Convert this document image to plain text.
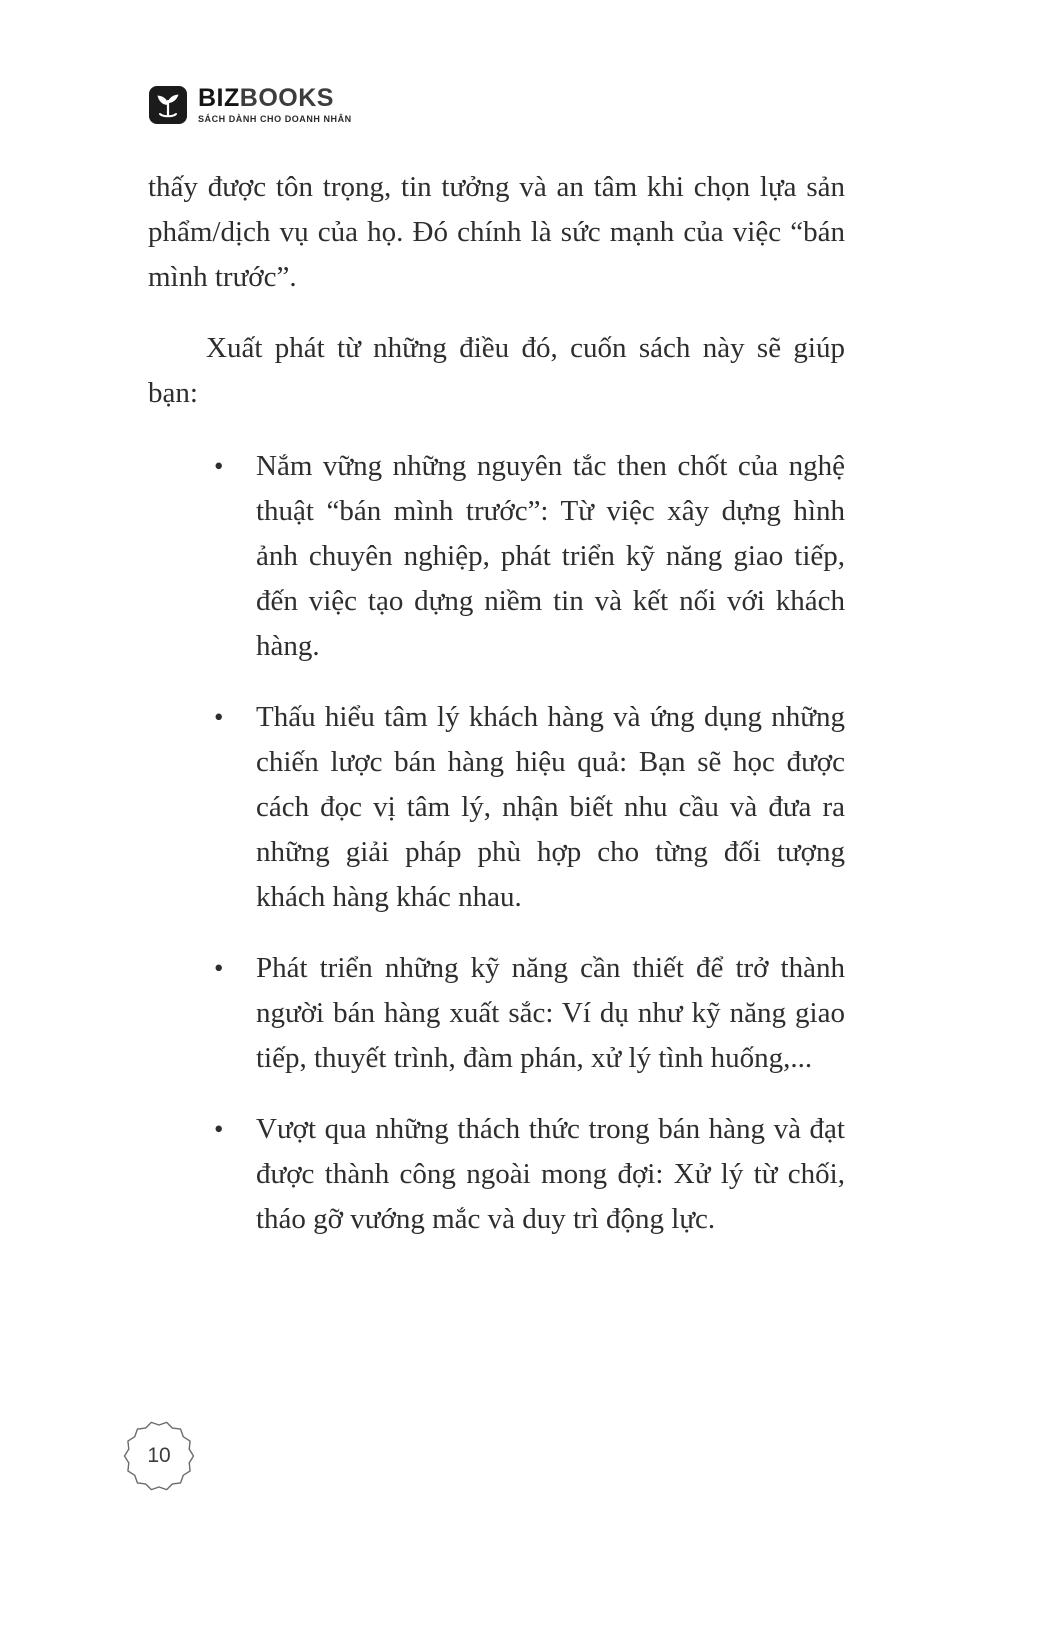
BIZBOOKS
SÁCH DÀNH CHO DOANH NHÂN

thấy được tôn trọng, tin tưởng và an tâm khi chọn lựa sản phẩm/dịch vụ của họ. Đó chính là sức mạnh của việc “bán mình trước”.

Xuất phát từ những điều đó, cuốn sách này sẽ giúp bạn:

•	Nắm vững những nguyên tắc then chốt của nghệ thuật “bán mình trước”: Từ việc xây dựng hình ảnh chuyên nghiệp, phát triển kỹ năng giao tiếp, đến việc tạo dựng niềm tin và kết nối với khách hàng.
•	Thấu hiểu tâm lý khách hàng và ứng dụng những chiến lược bán hàng hiệu quả: Bạn sẽ học được cách đọc vị tâm lý, nhận biết nhu cầu và đưa ra những giải pháp phù hợp cho từng đối tượng khách hàng khác nhau.
•	Phát triển những kỹ năng cần thiết để trở thành người bán hàng xuất sắc: Ví dụ như kỹ năng giao tiếp, thuyết trình, đàm phán, xử lý tình huống,...
•	Vượt qua những thách thức trong bán hàng và đạt được thành công ngoài mong đợi: Xử lý từ chối, tháo gỡ vướng mắc và duy trì động lực.
10
